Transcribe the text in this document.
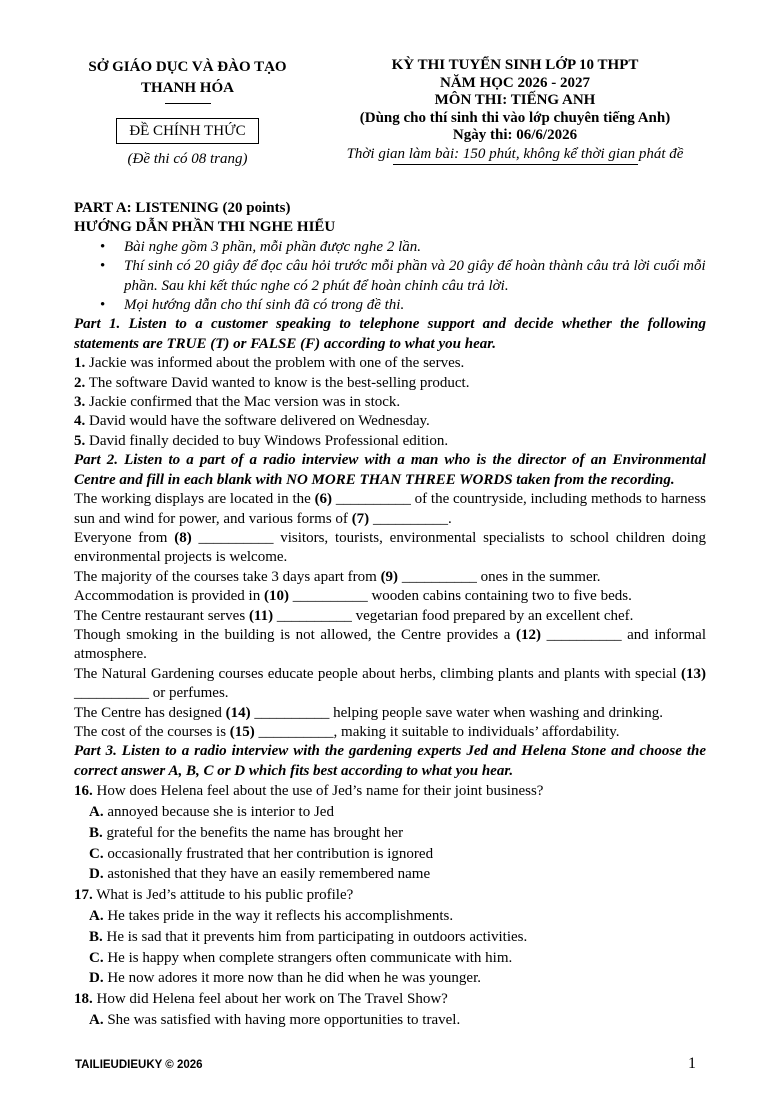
SỞ GIÁO DỤC VÀ ĐÀO TẠO
THANH HÓA
ĐỀ CHÍNH THỨC
(Đề thi có 08 trang)
KỲ THI TUYỂN SINH LỚP 10 THPT
NĂM HỌC 2026 - 2027
MÔN THI: TIẾNG ANH
(Dùng cho thí sinh thi vào lớp chuyên tiếng Anh)
Ngày thi: 06/6/2026
Thời gian làm bài: 150 phút, không kể thời gian phát đề

PART A: LISTENING (20 points)

HƯỚNG DẪN PHẦN THI NGHE HIỂU

• Bài nghe gồm 3 phần, mỗi phần được nghe 2 lần.
• Thí sinh có 20 giây để đọc câu hỏi trước mỗi phần và 20 giây để hoàn thành câu trả lời cuối mỗi phần. Sau khi kết thúc nghe có 2 phút để hoàn chỉnh câu trả lời.
• Mọi hướng dẫn cho thí sinh đã có trong đề thi.

Part 1. Listen to a customer speaking to telephone support and decide whether the following statements are TRUE (T) or FALSE (F) according to what you hear.

1. Jackie was informed about the problem with one of the serves.

2. The software David wanted to know is the best-selling product.

3. Jackie confirmed that the Mac version was in stock.

4. David would have the software delivered on Wednesday.

5. David finally decided to buy Windows Professional edition.

Part 2. Listen to a part of a radio interview with a man who is the director of an Environmental Centre and fill in each blank with NO MORE THAN THREE WORDS taken from the recording.

The working displays are located in the (6) __________ of the countryside, including methods to harness sun and wind for power, and various forms of (7) __________.

Everyone from (8) __________ visitors, tourists, environmental specialists to school children doing environmental projects is welcome.

The majority of the courses take 3 days apart from (9) __________ ones in the summer.

Accommodation is provided in (10) __________ wooden cabins containing two to five beds.

The Centre restaurant serves (11) __________ vegetarian food prepared by an excellent chef.

Though smoking in the building is not allowed, the Centre provides a (12) __________ and informal atmosphere.

The Natural Gardening courses educate people about herbs, climbing plants and plants with special (13) __________ or perfumes.

The Centre has designed (14) __________ helping people save water when washing and drinking.

The cost of the courses is (15) __________, making it suitable to individuals’ affordability.

Part 3. Listen to a radio interview with the gardening experts Jed and Helena Stone and choose the correct answer A, B, C or D which fits best according to what you hear.

16. How does Helena feel about the use of Jed’s name for their joint business?

A. annoyed because she is interior to Jed

B. grateful for the benefits the name has brought her

C. occasionally frustrated that her contribution is ignored

D. astonished that they have an easily remembered name

17. What is Jed’s attitude to his public profile?

A. He takes pride in the way it reflects his accomplishments.

B. He is sad that it prevents him from participating in outdoors activities.

C. He is happy when complete strangers often communicate with him.

D. He now adores it more now than he did when he was younger.

18. How did Helena feel about her work on The Travel Show?

A. She was satisfied with having more opportunities to travel.

TAILIEUDIEUKY © 2026	1
